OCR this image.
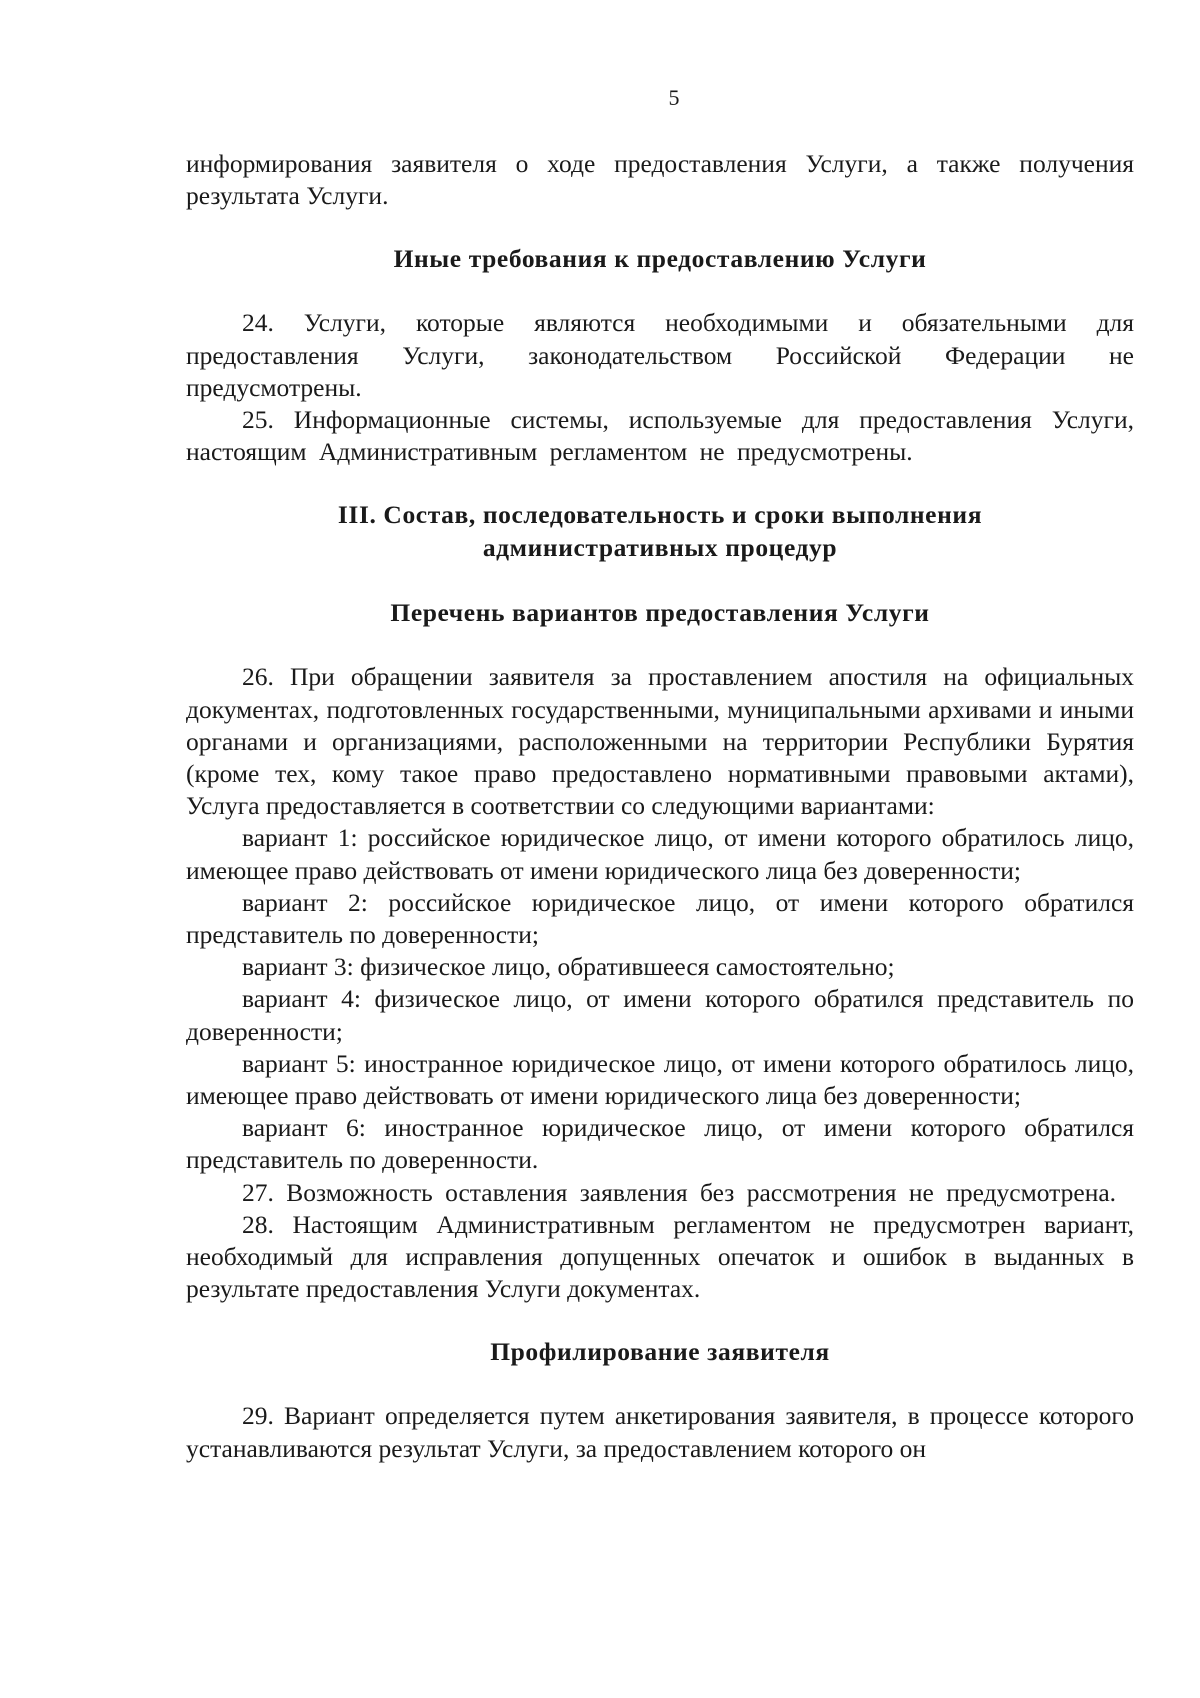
5

информирования заявителя о ходе предоставления Услуги, а также получения результата Услуги.

Иные требования к предоставлению Услуги

24. Услуги, которые являются необходимыми и обязательными для предоставления Услуги, законодательством Российской Федерации не предусмотрены.

25. Информационные системы, используемые для предоставления Услуги, настоящим Административным регламентом не предусмотрены.

III. Состав, последовательность и сроки выполнения

административных процедур

Перечень вариантов предоставления Услуги

26. При обращении заявителя за проставлением апостиля на официальных документах, подготовленных государственными, муниципальными архивами и иными органами и организациями, расположенными на территории Республики Бурятия (кроме тех, кому такое право предоставлено нормативными правовыми актами), Услуга предоставляется в соответствии со следующими вариантами:

вариант 1: российское юридическое лицо, от имени которого обратилось лицо, имеющее право действовать от имени юридического лица без доверенности;

вариант 2: российское юридическое лицо, от имени которого обратился представитель по доверенности;

вариант 3: физическое лицо, обратившееся самостоятельно;

вариант 4: физическое лицо, от имени которого обратился представитель по доверенности;

вариант 5: иностранное юридическое лицо, от имени которого обратилось лицо, имеющее право действовать от имени юридического лица без доверенности;

вариант 6: иностранное юридическое лицо, от имени которого обратился представитель по доверенности.

27. Возможность оставления заявления без рассмотрения не предусмотрена.

28. Настоящим Административным регламентом не предусмотрен вариант, необходимый для исправления допущенных опечаток и ошибок в выданных в результате предоставления Услуги документах.

Профилирование заявителя

29. Вариант определяется путем анкетирования заявителя, в процессе которого устанавливаются результат Услуги, за предоставлением которого он
